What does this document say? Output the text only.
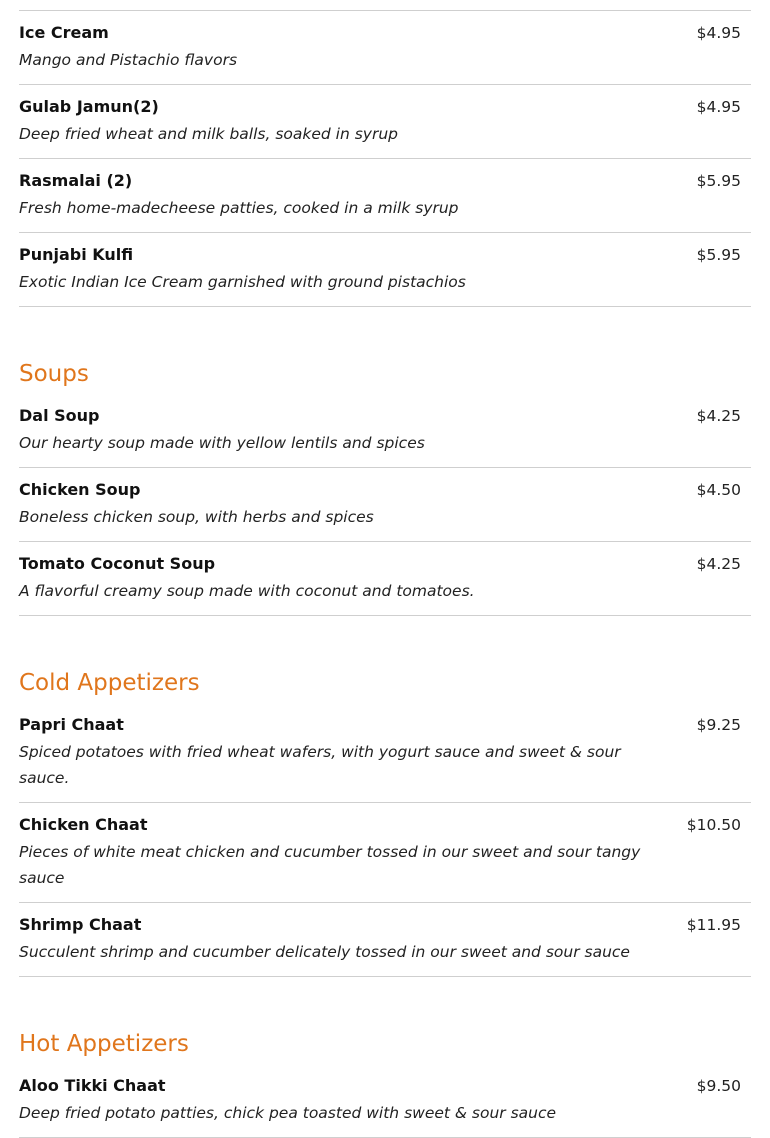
Ice Cream	$4.95
Mango and Pistachio flavors
Gulab Jamun(2)	$4.95
Deep fried wheat and milk balls, soaked in syrup
Rasmalai (2)	$5.95
Fresh home-madecheese patties, cooked in a milk syrup
Punjabi Kulfi	$5.95
Exotic Indian Ice Cream garnished with ground pistachios
Soups
Dal Soup	$4.25
Our hearty soup made with yellow lentils and spices
Chicken Soup	$4.50
Boneless chicken soup, with herbs and spices
Tomato Coconut Soup	$4.25
A flavorful creamy soup made with coconut and tomatoes.
Cold Appetizers
Papri Chaat	$9.25
Spiced potatoes with fried wheat wafers, with yogurt sauce and sweet & sour sauce.
Chicken Chaat	$10.50
Pieces of white meat chicken and cucumber tossed in our sweet and sour tangy sauce
Shrimp Chaat	$11.95
Succulent shrimp and cucumber delicately tossed in our sweet and sour sauce
Hot Appetizers
Aloo Tikki Chaat	$9.50
Deep fried potato patties, chick pea toasted with sweet & sour sauce
